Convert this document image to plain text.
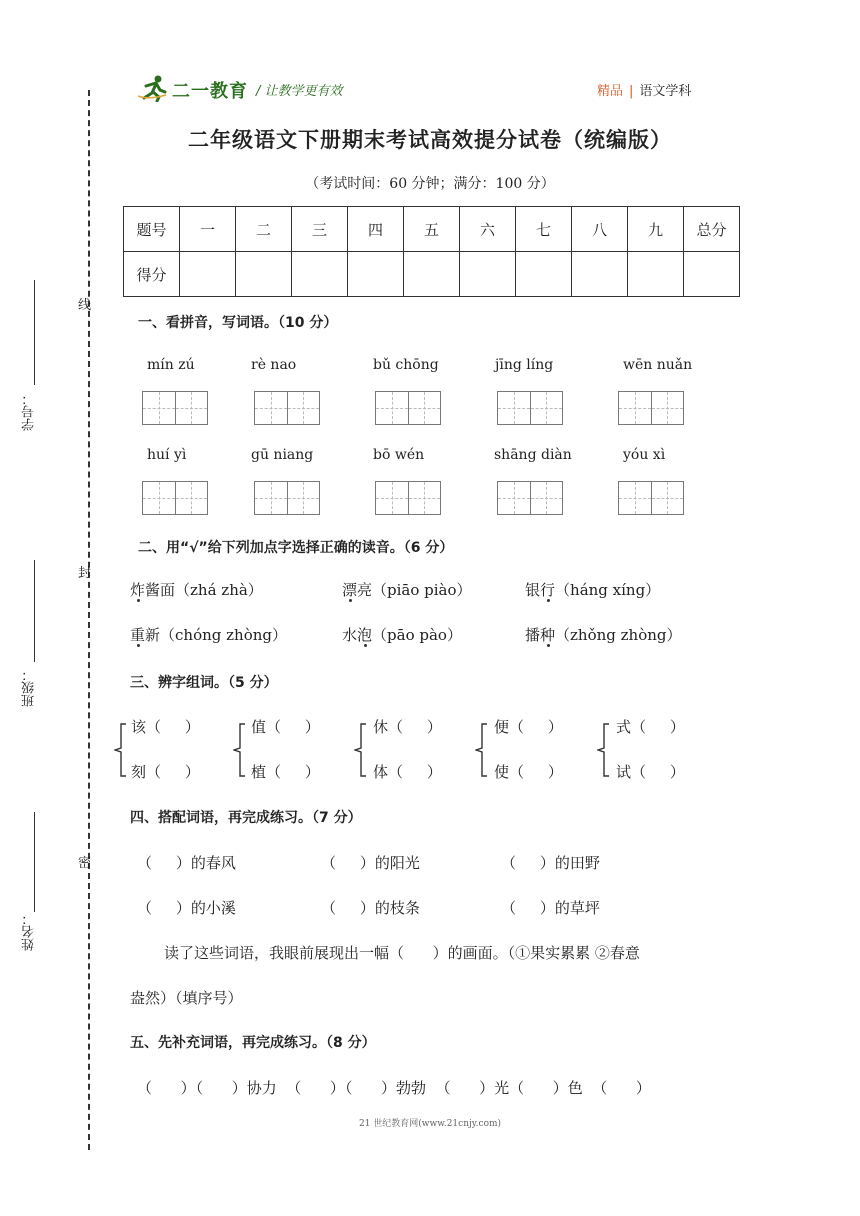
二一教育 / 让教学更有效	精品 | 语文学科
二年级语文下册期末考试高效提分试卷（统编版）
（考试时间：60 分钟；满分：100 分）
题号	一	二	三	四	五	六	七	八	九	总分
得分										
线
封
密
学号：
班级：
姓名：
一、看拼音，写词语。（10 分）
mín zú	rè nao	bǔ chōng	jīng líng	wēn nuǎn
huí yì	gū niang	bō wén	shāng diàn	yóu xì
二、用“√”给下列加点字选择正确的读音。（6 分）
炸酱面（zhá zhà）	漂亮（piāo piào）	银行（háng xíng）
重新（chóng zhòng）	水泡（pāo pào）	播种（zhǒng zhòng）
三、辨字组词。（5 分）
该（     ）
刻（     ）
值（     ）
植（     ）
休（     ）
体（     ）
便（     ）
使（     ）
式（     ）
试（     ）
四、搭配词语，再完成练习。（7 分）
（     ）的春风	（     ）的阳光	（     ）的田野
（     ）的小溪	（     ）的枝条	（     ）的草坪
读了这些词语，我眼前展现出一幅（      ）的画面。（①果实累累 ②春意
盎然）（填序号）
五、先补充词语，再完成练习。（8 分）
（      ）（      ）协力  （      ）（      ）勃勃  （      ）光（      ）色  （      ）
21 世纪教育网(www.21cnjy.com)
